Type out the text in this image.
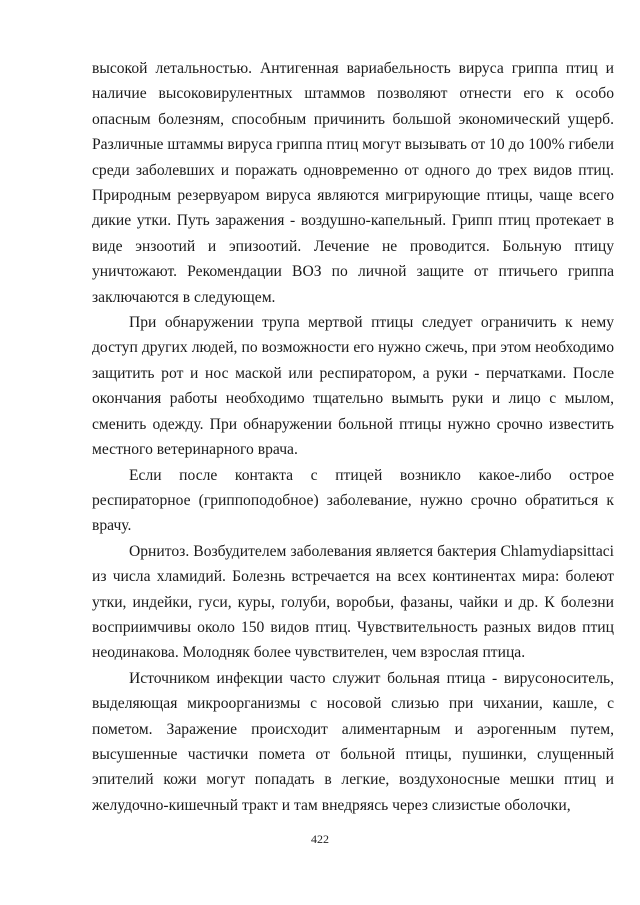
высокой летальностью. Антигенная вариабельность вируса гриппа птиц и наличие высоковирулентных штаммов позволяют отнести его к особо опасным болезням, способным причинить большой экономический ущерб. Различные штаммы вируса гриппа птиц могут вызывать от 10 до 100% гибели среди заболевших и поражать одновременно от одного до трех видов птиц. Природным резервуаром вируса являются мигрирующие птицы, чаще всего дикие утки. Путь заражения - воздушно-капельный. Грипп птиц протекает в виде энзоотий и эпизоотий. Лечение не проводится. Больную птицу уничтожают. Рекомендации ВОЗ по личной защите от птичьего гриппа заключаются в следующем.

При обнаружении трупа мертвой птицы следует ограничить к нему доступ других людей, по возможности его нужно сжечь, при этом необходимо защитить рот и нос маской или респиратором, а руки - перчатками. После окончания работы необходимо тщательно вымыть руки и лицо с мылом, сменить одежду. При обнаружении больной птицы нужно срочно известить местного ветеринарного врача.

Если после контакта с птицей возникло какое-либо острое респираторное (гриппоподобное) заболевание, нужно срочно обратиться к врачу.

Орнитоз. Возбудителем заболевания является бактерия Chlamydiapsittaci из числа хламидий. Болезнь встречается на всех континентах мира: болеют утки, индейки, гуси, куры, голуби, воробьи, фазаны, чайки и др. К болезни восприимчивы около 150 видов птиц. Чувствительность разных видов птиц неодинакова. Молодняк более чувствителен, чем взрослая птица.

Источником инфекции часто служит больная птица - вирусоноситель, выделяющая микроорганизмы с носовой слизью при чихании, кашле, с пометом. Заражение происходит алиментарным и аэрогенным путем, высушенные частички помета от больной птицы, пушинки, слущенный эпителий кожи могут попадать в легкие, воздухоносные мешки птиц и желудочно-кишечный тракт и там внедряясь через слизистые оболочки,

422
